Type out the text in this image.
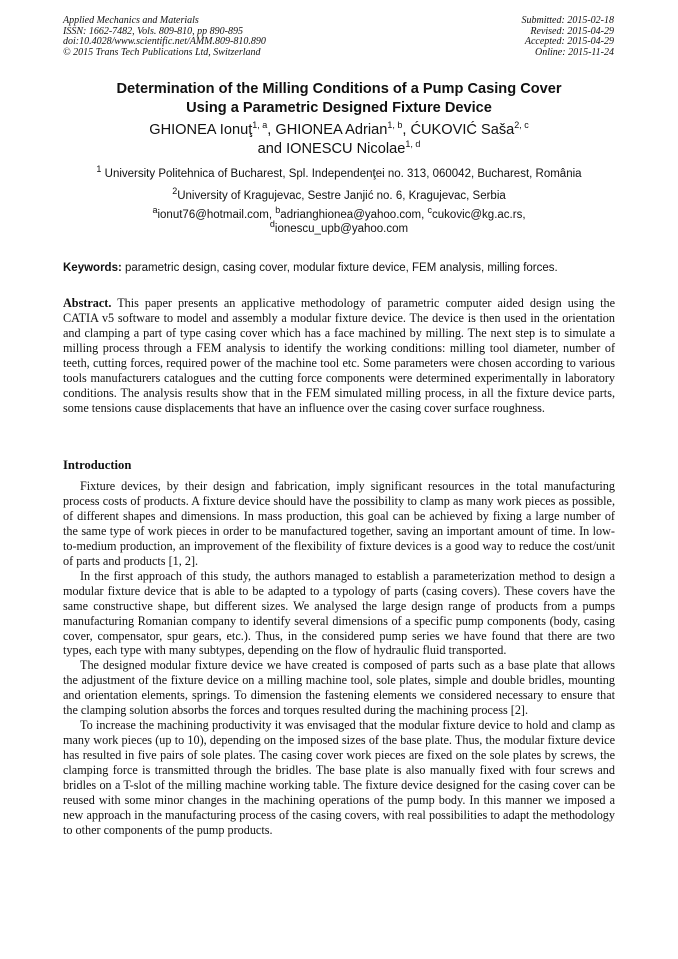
Applied Mechanics and Materials
ISSN: 1662-7482, Vols. 809-810, pp 890-895
doi:10.4028/www.scientific.net/AMM.809-810.890
© 2015 Trans Tech Publications Ltd, Switzerland
Submitted: 2015-02-18
Revised: 2015-04-29
Accepted: 2015-04-29
Online: 2015-11-24
Determination of the Milling Conditions of a Pump Casing Cover
Using a Parametric Designed Fixture Device
GHIONEA Ionuţ$^{1, a}$, GHIONEA Adrian$^{1, b}$, ĆUKOVIĆ Saša$^{2, c}$
and IONESCU Nicolae$^{1, d}$
$^1$ University Politehnica of Bucharest, Spl. Independenţei no. 313, 060042, Bucharest, România
$^2$University of Kragujevac, Sestre Janjić no. 6, Kragujevac, Serbia
$^a$ionut76@hotmail.com, $^b$adrianghionea@yahoo.com, $^c$cukovic@kg.ac.rs,
$^d$ionescu_upb@yahoo.com
Keywords: parametric design, casing cover, modular fixture device, FEM analysis, milling forces.
Abstract. This paper presents an applicative methodology of parametric computer aided design using the CATIA v5 software to model and assembly a modular fixture device. The device is then used in the orientation and clamping a part of type casing cover which has a face machined by milling. The next step is to simulate a milling process through a FEM analysis to identify the working conditions: milling tool diameter, number of teeth, cutting forces, required power of the machine tool etc. Some parameters were chosen according to various tools manufacturers catalogues and the cutting force components were determined experimentally in laboratory conditions. The analysis results show that in the FEM simulated milling process, in all the fixture device parts, some tensions cause displacements that have an influence over the casing cover surface roughness.
Introduction

Fixture devices, by their design and fabrication, imply significant resources in the total manufacturing process costs of products. A fixture device should have the possibility to clamp as many work pieces as possible, of different shapes and dimensions. In mass production, this goal can be achieved by fixing a large number of the same type of work pieces in order to be manufactured together, saving an important amount of time. In low-to-medium production, an improvement of the flexibility of fixture devices is a good way to reduce the cost/unit of parts and products [1, 2].

In the first approach of this study, the authors managed to establish a parameterization method to design a modular fixture device that is able to be adapted to a typology of parts (casing covers). These covers have the same constructive shape, but different sizes. We analysed the large design range of products from a pumps manufacturing Romanian company to identify several dimensions of a specific pump components (body, casing cover, compensator, spur gears, etc.). Thus, in the considered pump series we have found that there are two types, each type with many subtypes, depending on the flow of hydraulic fluid transported.

The designed modular fixture device we have created is composed of parts such as a base plate that allows the adjustment of the fixture device on a milling machine tool, sole plates, simple and double bridles, mounting and orientation elements, springs. To dimension the fastening elements we considered necessary to ensure that the clamping solution absorbs the forces and torques resulted during the machining process [2].

To increase the machining productivity it was envisaged that the modular fixture device to hold and clamp as many work pieces (up to 10), depending on the imposed sizes of the base plate. Thus, the modular fixture device has resulted in five pairs of sole plates. The casing cover work pieces are fixed on the sole plates by screws, the clamping force is transmitted through the bridles. The base plate is also manually fixed with four screws and bridles on a T-slot of the milling machine working table. The fixture device designed for the casing cover can be reused with some minor changes in the machining operations of the pump body. In this manner we imposed a new approach in the manufacturing process of the casing covers, with real possibilities to adapt the methodology to other components of the pump products.
